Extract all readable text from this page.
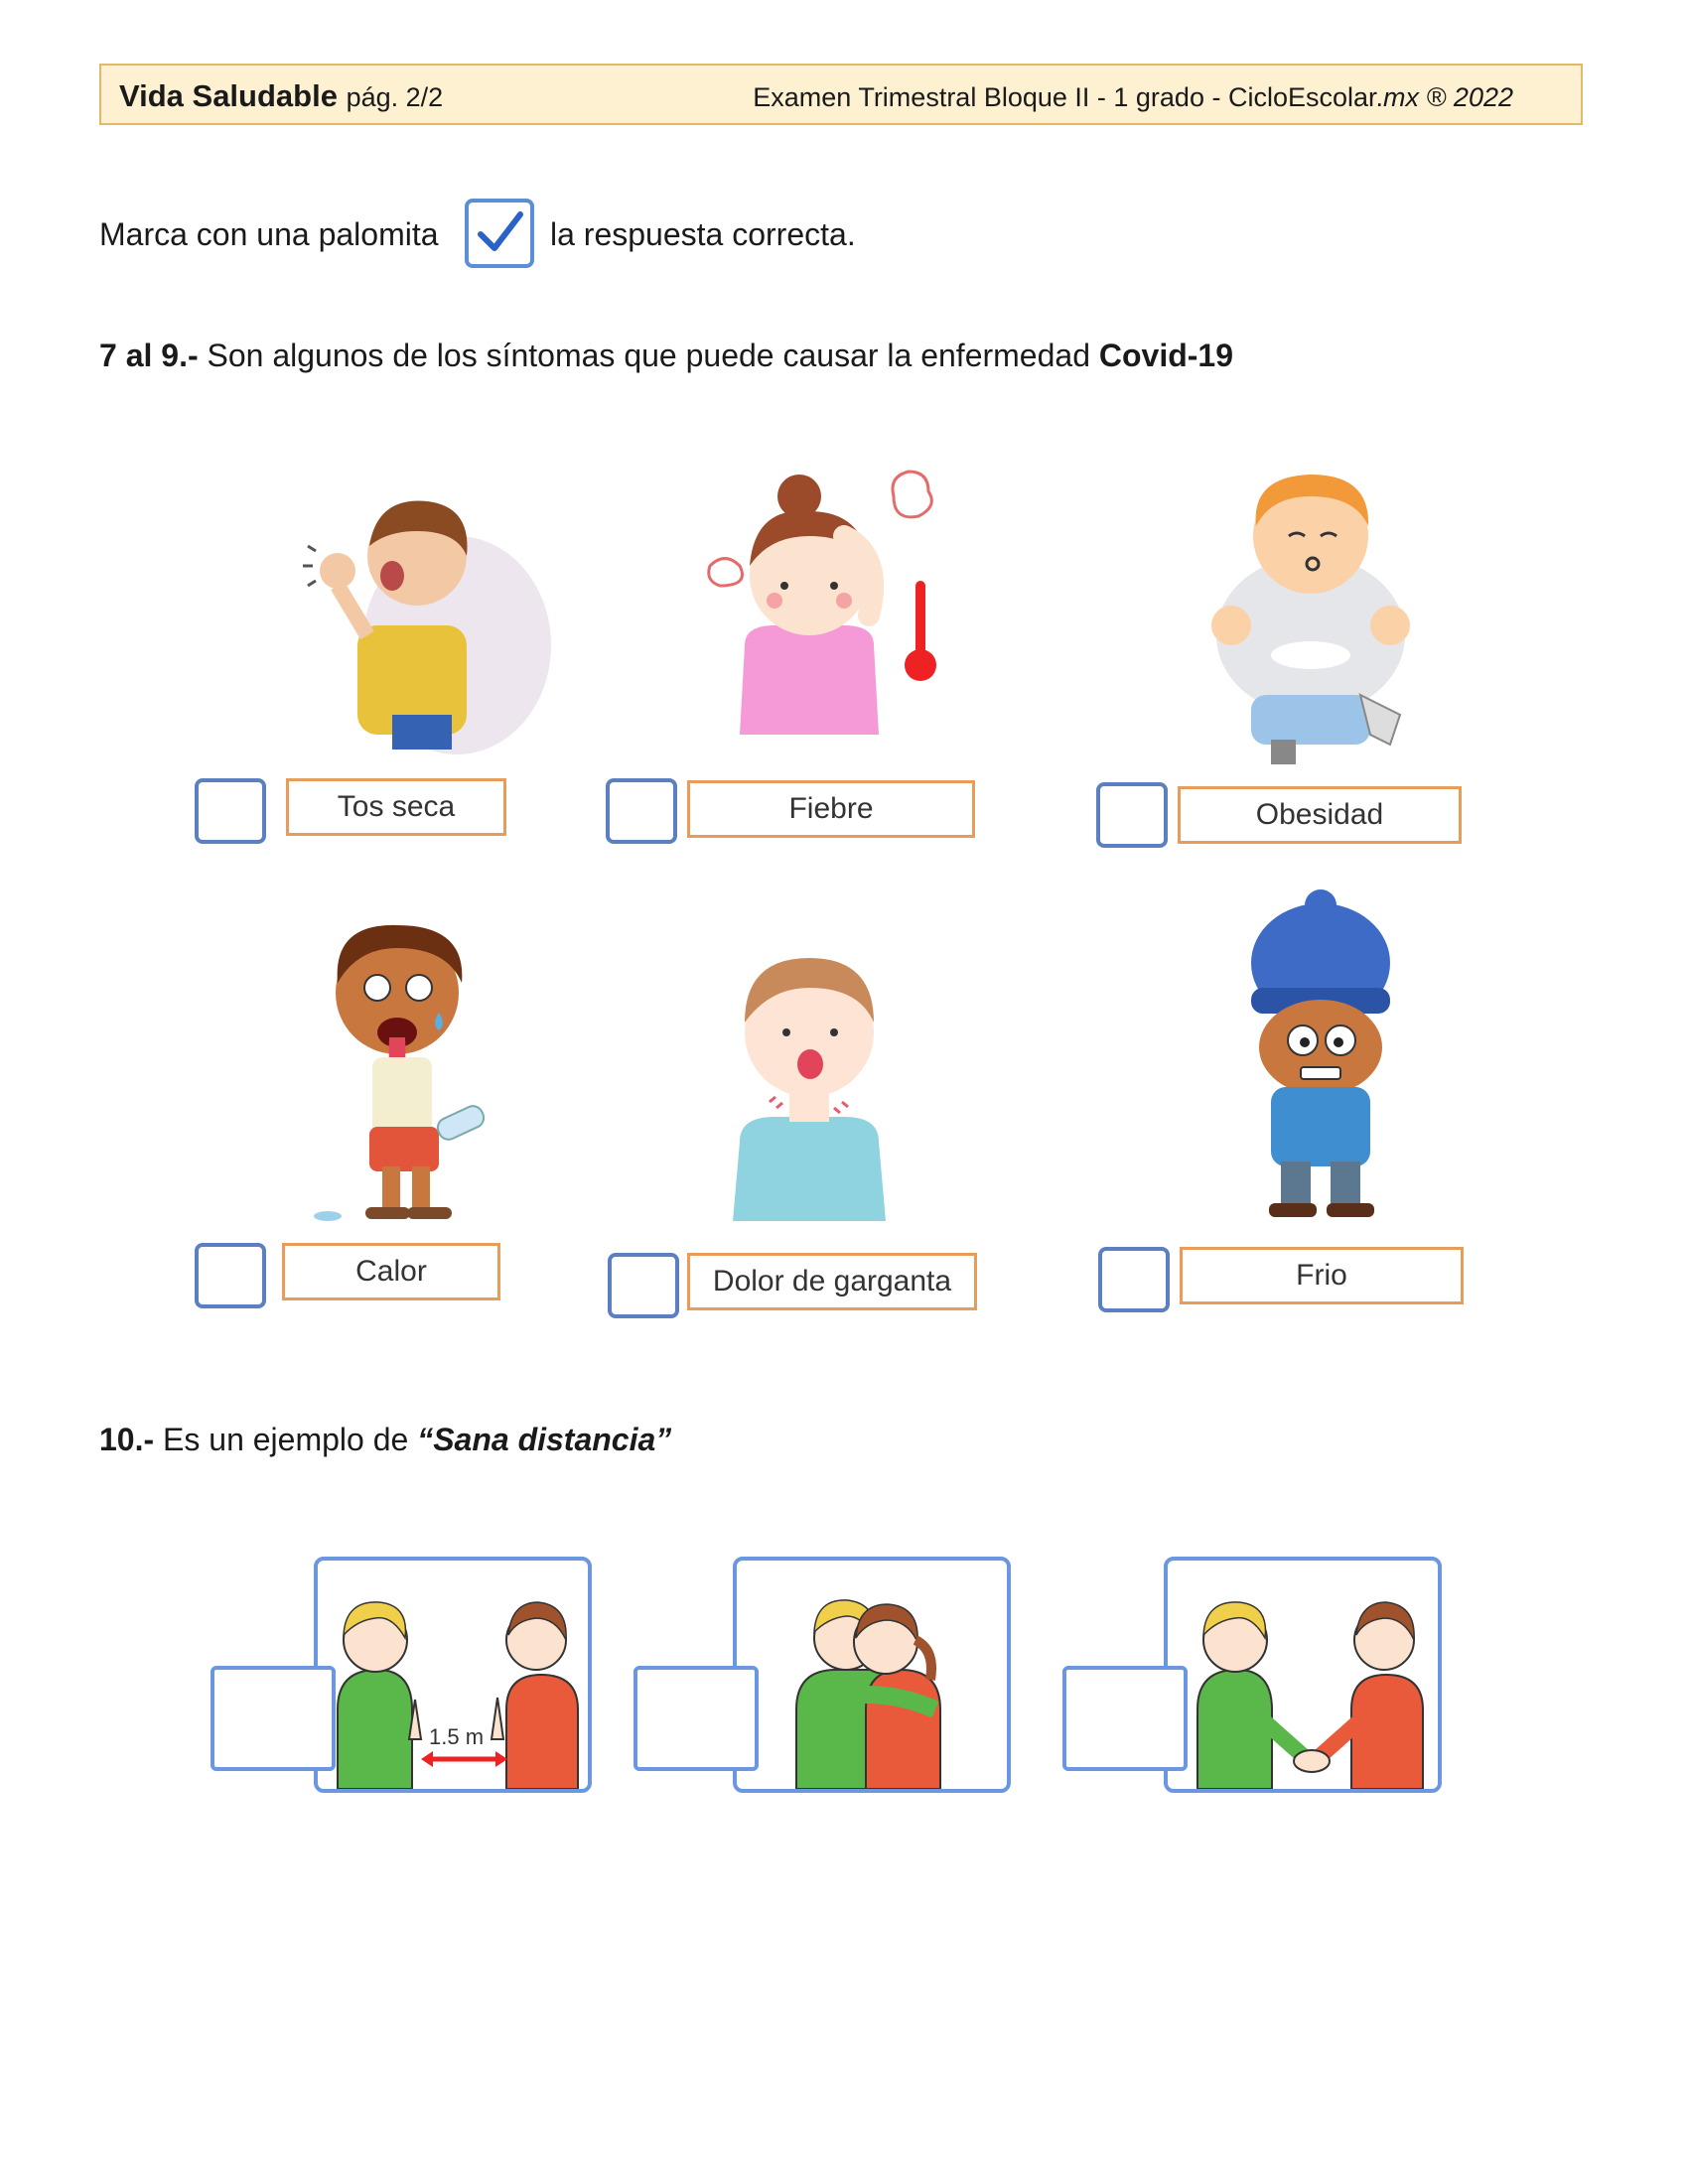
Vida Saludable pág. 2/2	Examen Trimestral Bloque II - 1 grado - CicloEscolar.mx ® 2022
Marca con una palomita	la respuesta correcta.
7 al 9.- Son algunos de los síntomas que puede causar la enfermedad Covid-19
Tos seca	Fiebre	Obesidad
Calor	Dolor de garganta	Frio
10.- Es un ejemplo de “Sana distancia”
1.5 m
